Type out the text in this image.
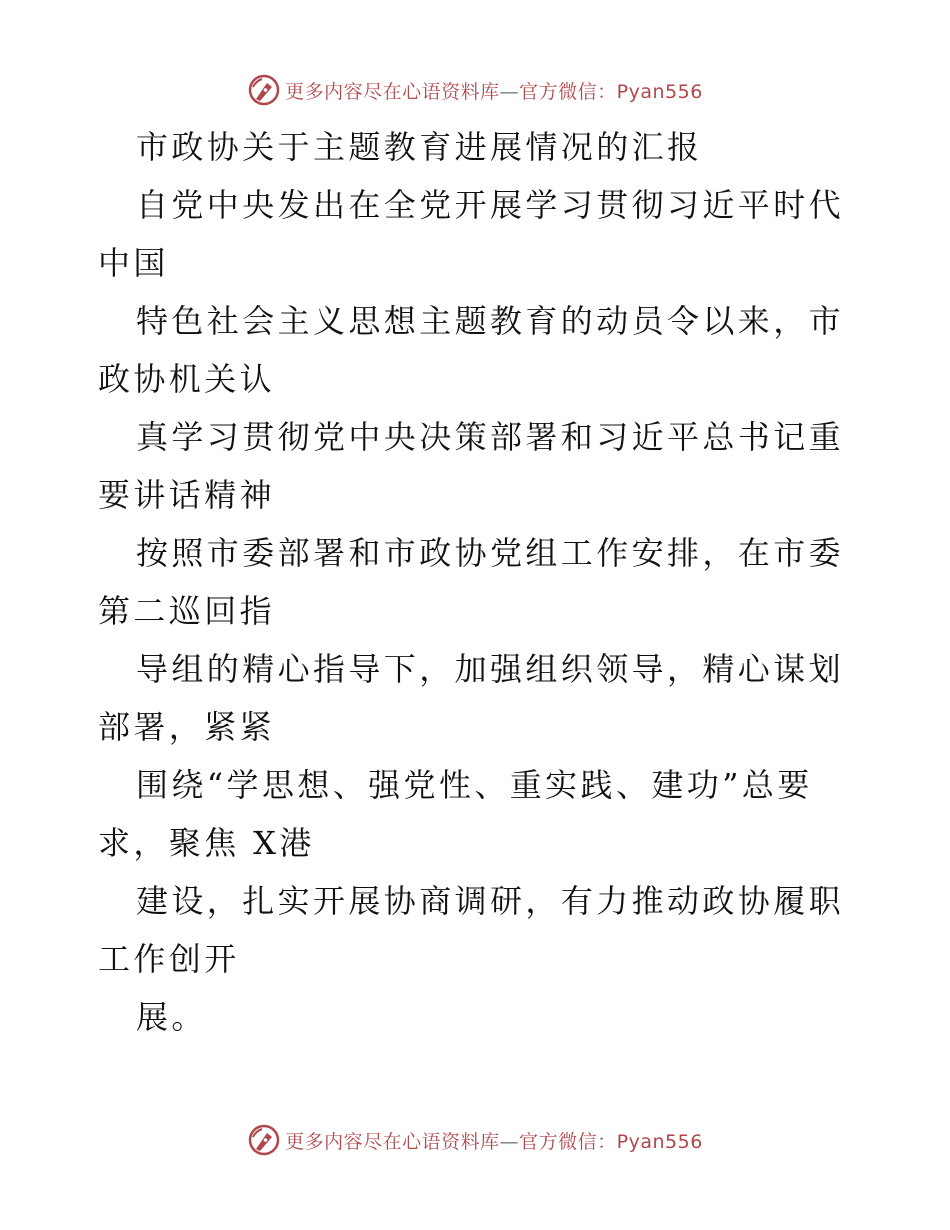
更多内容尽在心语资料库—官方微信：Pyan556

市政协关于主题教育进展情况的汇报

自党中央发出在全党开展学习贯彻习近平时代中国

特色社会主义思想主题教育的动员令以来，市政协机关认

真学习贯彻党中央决策部署和习近平总书记重要讲话精神

按照市委部署和市政协党组工作安排，在市委第二巡回指

导组的精心指导下，加强组织领导，精心谋划部署，紧紧

围绕“学思想、强党性、重实践、建功”总要求，聚焦 X港

建设，扎实开展协商调研，有力推动政协履职工作创开

展。

更多内容尽在心语资料库—官方微信：Pyan556
